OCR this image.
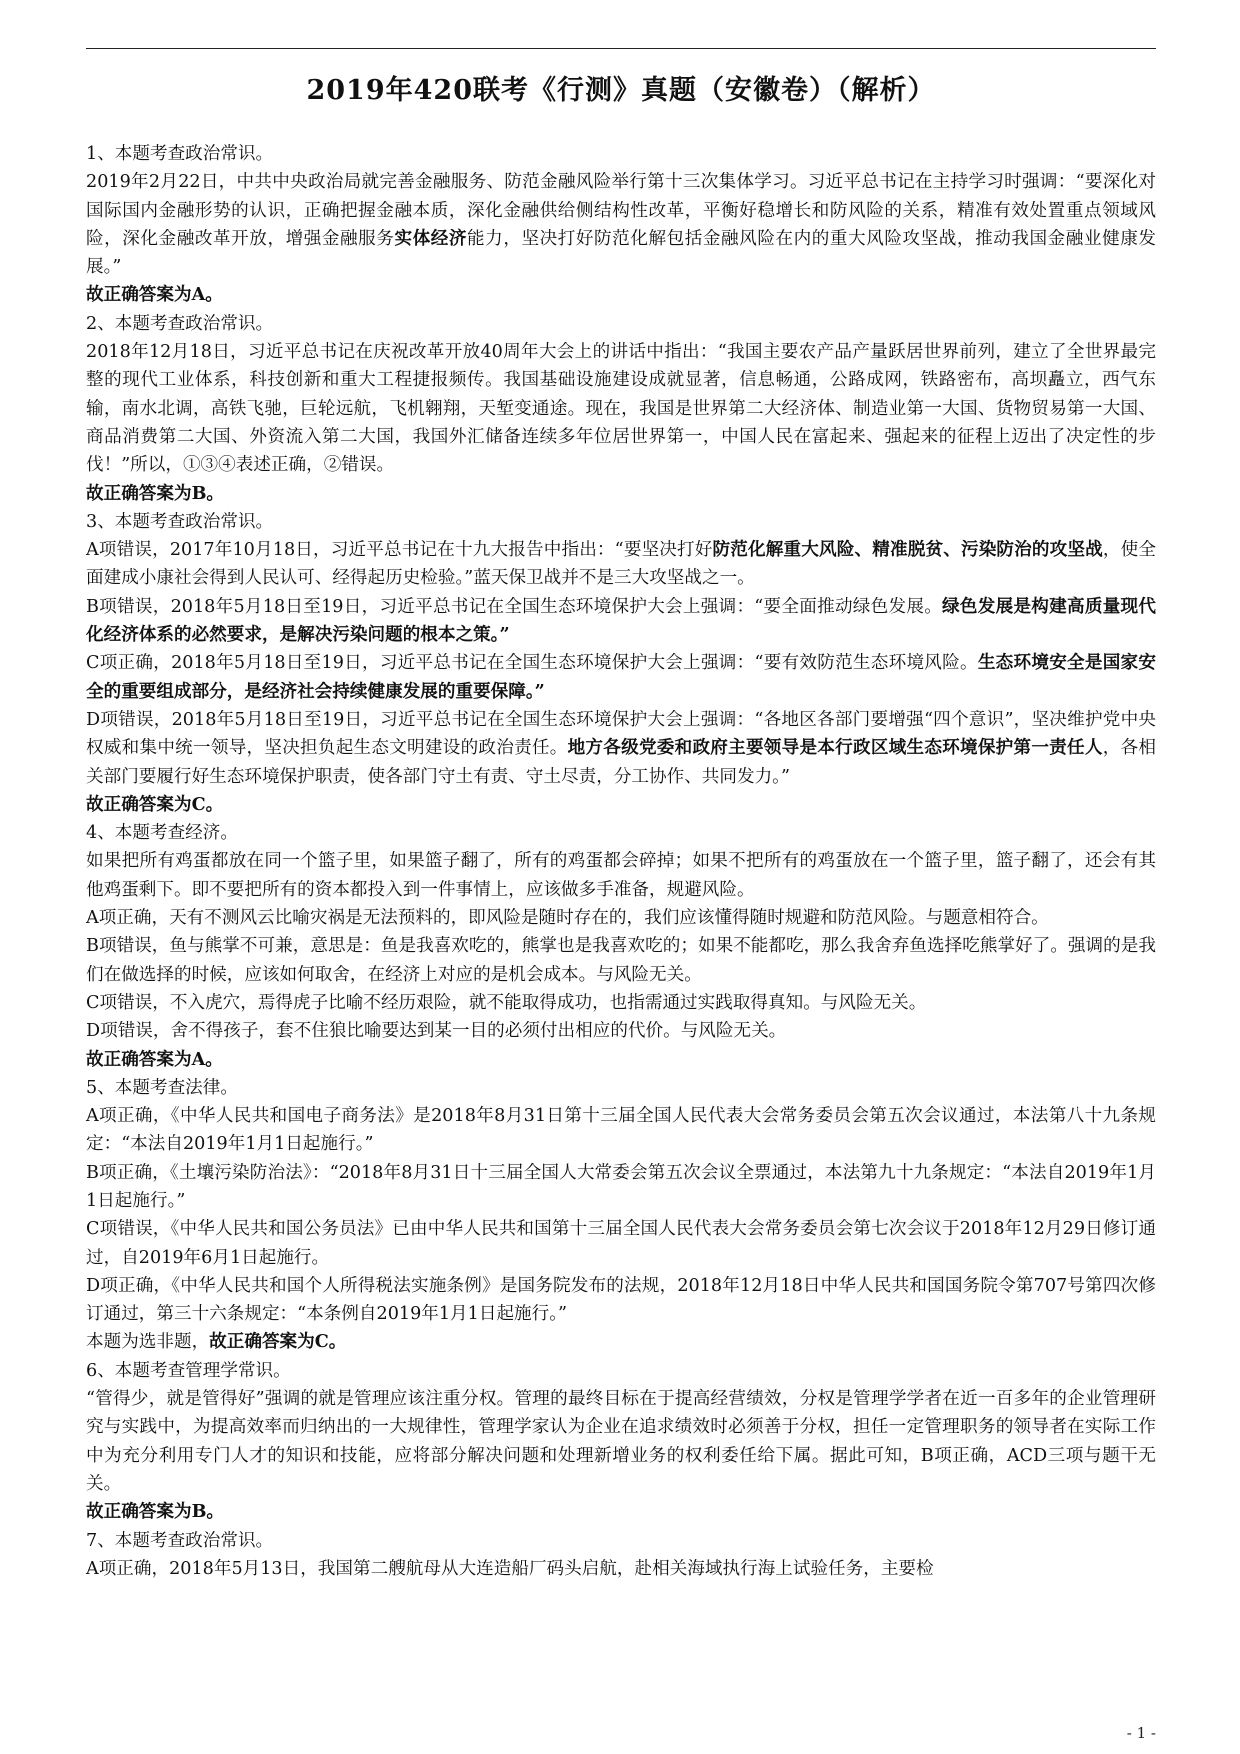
2019年420联考《行测》真题（安徽卷）（解析）

1、本题考查政治常识。

2019年2月22日，中共中央政治局就完善金融服务、防范金融风险举行第十三次集体学习。习近平总书记在主持学习时强调：“要深化对国际国内金融形势的认识，正确把握金融本质，深化金融供给侧结构性改革，平衡好稳增长和防风险的关系，精准有效处置重点领域风险，深化金融改革开放，增强金融服务实体经济能力，坚决打好防范化解包括金融风险在内的重大风险攻坚战，推动我国金融业健康发展。”

故正确答案为A。

2、本题考查政治常识。

2018年12月18日，习近平总书记在庆祝改革开放40周年大会上的讲话中指出：“我国主要农产品产量跃居世界前列，建立了全世界最完整的现代工业体系，科技创新和重大工程捷报频传。我国基础设施建设成就显著，信息畅通，公路成网，铁路密布，高坝矗立，西气东输，南水北调，高铁飞驰，巨轮远航，飞机翱翔，天堑变通途。现在，我国是世界第二大经济体、制造业第一大国、货物贸易第一大国、商品消费第二大国、外资流入第二大国，我国外汇储备连续多年位居世界第一，中国人民在富起来、强起来的征程上迈出了决定性的步伐！”所以，①③④表述正确，②错误。

故正确答案为B。

3、本题考查政治常识。

A项错误，2017年10月18日，习近平总书记在十九大报告中指出：“要坚决打好防范化解重大风险、精准脱贫、污染防治的攻坚战，使全面建成小康社会得到人民认可、经得起历史检验。”蓝天保卫战并不是三大攻坚战之一。

B项错误，2018年5月18日至19日，习近平总书记在全国生态环境保护大会上强调：“要全面推动绿色发展。绿色发展是构建高质量现代化经济体系的必然要求，是解决污染问题的根本之策。”

C项正确，2018年5月18日至19日，习近平总书记在全国生态环境保护大会上强调：“要有效防范生态环境风险。生态环境安全是国家安全的重要组成部分，是经济社会持续健康发展的重要保障。”

D项错误，2018年5月18日至19日，习近平总书记在全国生态环境保护大会上强调：“各地区各部门要增强“四个意识”，坚决维护党中央权威和集中统一领导，坚决担负起生态文明建设的政治责任。地方各级党委和政府主要领导是本行政区域生态环境保护第一责任人，各相关部门要履行好生态环境保护职责，使各部门守土有责、守土尽责，分工协作、共同发力。”

故正确答案为C。

4、本题考查经济。

如果把所有鸡蛋都放在同一个篮子里，如果篮子翻了，所有的鸡蛋都会碎掉；如果不把所有的鸡蛋放在一个篮子里，篮子翻了，还会有其他鸡蛋剩下。即不要把所有的资本都投入到一件事情上，应该做多手准备，规避风险。

A项正确，天有不测风云比喻灾祸是无法预料的，即风险是随时存在的，我们应该懂得随时规避和防范风险。与题意相符合。

B项错误，鱼与熊掌不可兼，意思是：鱼是我喜欢吃的，熊掌也是我喜欢吃的；如果不能都吃，那么我舍弃鱼选择吃熊掌好了。强调的是我们在做选择的时候，应该如何取舍，在经济上对应的是机会成本。与风险无关。

C项错误，不入虎穴，焉得虎子比喻不经历艰险，就不能取得成功，也指需通过实践取得真知。与风险无关。

D项错误，舍不得孩子，套不住狼比喻要达到某一目的必须付出相应的代价。与风险无关。

故正确答案为A。

5、本题考查法律。

A项正确，《中华人民共和国电子商务法》是2018年8月31日第十三届全国人民代表大会常务委员会第五次会议通过，本法第八十九条规定：“本法自2019年1月1日起施行。”

B项正确，《土壤污染防治法》：“2018年8月31日十三届全国人大常委会第五次会议全票通过，本法第九十九条规定：“本法自2019年1月1日起施行。”

C项错误，《中华人民共和国公务员法》已由中华人民共和国第十三届全国人民代表大会常务委员会第七次会议于2018年12月29日修订通过，自2019年6月1日起施行。

D项正确，《中华人民共和国个人所得税法实施条例》是国务院发布的法规，2018年12月18日中华人民共和国国务院令第707号第四次修订通过，第三十六条规定：“本条例自2019年1月1日起施行。”

本题为选非题，故正确答案为C。

6、本题考查管理学常识。

“管得少，就是管得好”强调的就是管理应该注重分权。管理的最终目标在于提高经营绩效，分权是管理学学者在近一百多年的企业管理研究与实践中，为提高效率而归纳出的一大规律性，管理学家认为企业在追求绩效时必须善于分权，担任一定管理职务的领导者在实际工作中为充分利用专门人才的知识和技能，应将部分解决问题和处理新增业务的权利委任给下属。据此可知，B项正确，ACD三项与题干无关。

故正确答案为B。

7、本题考查政治常识。

A项正确，2018年5月13日，我国第二艘航母从大连造船厂码头启航，赴相关海域执行海上试验任务，主要检

- 1 -
